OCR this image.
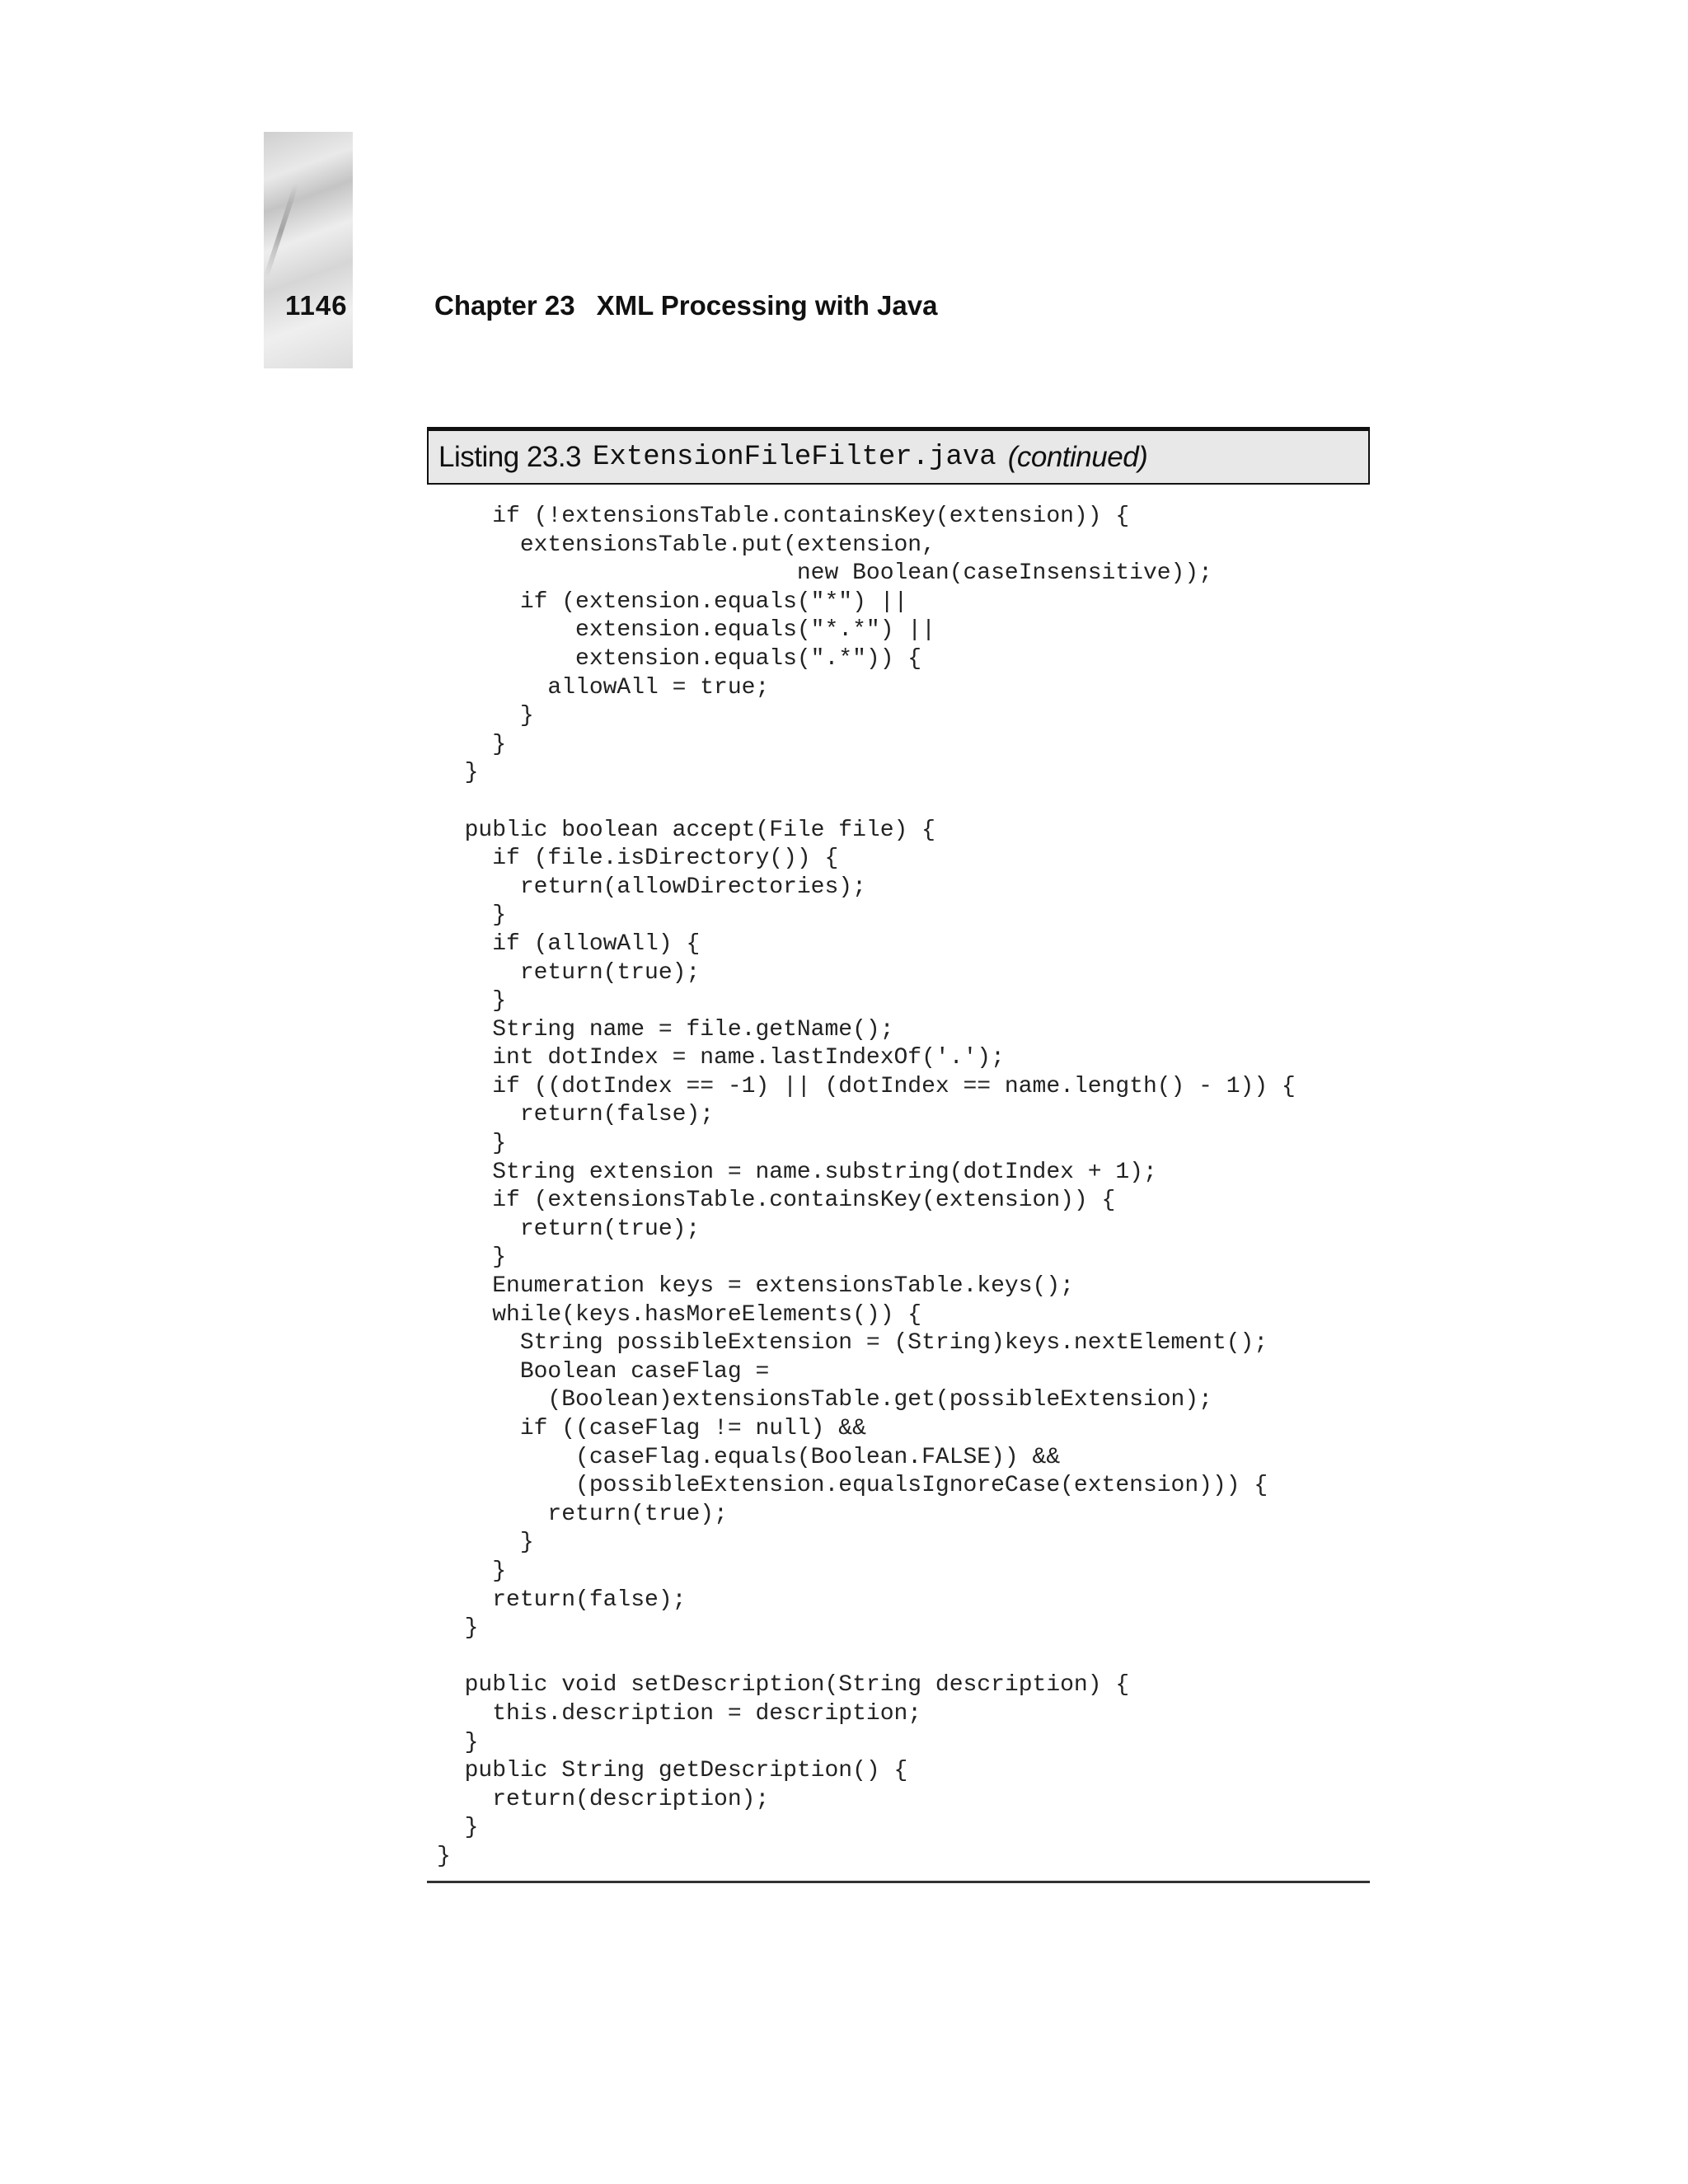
1146	Chapter 23 XML Processing with Java
Listing 23.3 ExtensionFileFilter.java (continued)
if (!extensionsTable.containsKey(extension)) {
extensionsTable.put(extension,
new Boolean(caseInsensitive));
if (extension.equals("*") ||
extension.equals("*.*") ||
extension.equals(".*")) {
allowAll = true;
}
}
}
public boolean accept(File file) {
if (file.isDirectory()) {
return(allowDirectories);
}
if (allowAll) {
return(true);
}
String name = file.getName();
int dotIndex = name.lastIndexOf('.');
if ((dotIndex == -1) || (dotIndex == name.length() - 1)) {
return(false);
}
String extension = name.substring(dotIndex + 1);
if (extensionsTable.containsKey(extension)) {
return(true);
}
Enumeration keys = extensionsTable.keys();
while(keys.hasMoreElements()) {
String possibleExtension = (String)keys.nextElement();
Boolean caseFlag =
(Boolean)extensionsTable.get(possibleExtension);
if ((caseFlag != null) &&
(caseFlag.equals(Boolean.FALSE)) &&
(possibleExtension.equalsIgnoreCase(extension))) {
return(true);
}
}
return(false);
}
public void setDescription(String description) {
this.description = description;
}
public String getDescription() {
return(description);
}
}
